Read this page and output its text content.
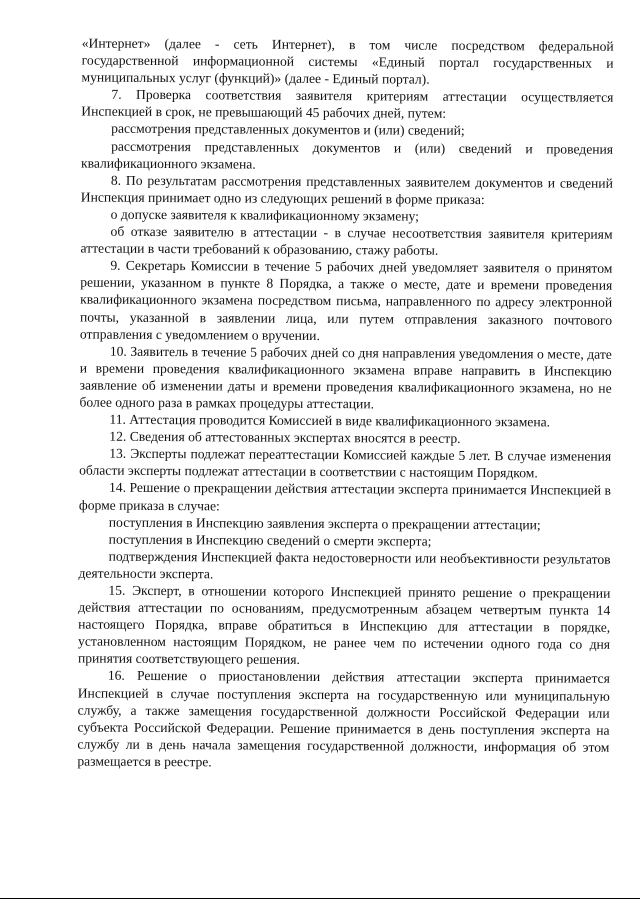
«Интернет» (далее - сеть Интернет), в том числе посредством федеральной государственной информационной системы «Единый портал государственных и муниципальных услуг (функций)» (далее - Единый портал).

7. Проверка соответствия заявителя критериям аттестации осуществляется Инспекцией в срок, не превышающий 45 рабочих дней, путем:

рассмотрения представленных документов и (или) сведений;

рассмотрения представленных документов и (или) сведений и проведения квалификационного экзамена.

8. По результатам рассмотрения представленных заявителем документов и сведений Инспекция принимает одно из следующих решений в форме приказа:

о допуске заявителя к квалификационному экзамену;

об отказе заявителю в аттестации - в случае несоответствия заявителя критериям аттестации в части требований к образованию, стажу работы.

9. Секретарь Комиссии в течение 5 рабочих дней уведомляет заявителя о принятом решении, указанном в пункте 8 Порядка, а также о месте, дате и времени проведения квалификационного экзамена посредством письма, направленного по адресу электронной почты, указанной в заявлении лица, или путем отправления заказного почтового отправления с уведомлением о вручении.

10. Заявитель в течение 5 рабочих дней со дня направления уведомления о месте, дате и времени проведения квалификационного экзамена вправе направить в Инспекцию заявление об изменении даты и времени проведения квалификационного экзамена, но не более одного раза в рамках процедуры аттестации.

11. Аттестация проводится Комиссией в виде квалификационного экзамена.

12. Сведения об аттестованных экспертах вносятся в реестр.

13. Эксперты подлежат переаттестации Комиссией каждые 5 лет. В случае изменения области эксперты подлежат аттестации в соответствии с настоящим Порядком.

14. Решение о прекращении действия аттестации эксперта принимается Инспекцией в форме приказа в случае:

поступления в Инспекцию заявления эксперта о прекращении аттестации;

поступления в Инспекцию сведений о смерти эксперта;

подтверждения Инспекцией факта недостоверности или необъективности результатов деятельности эксперта.

15. Эксперт, в отношении которого Инспекцией принято решение о прекращении действия аттестации по основаниям, предусмотренным абзацем четвертым пункта 14 настоящего Порядка, вправе обратиться в Инспекцию для аттестации в порядке, установленном настоящим Порядком, не ранее чем по истечении одного года со дня принятия соответствующего решения.

16. Решение о приостановлении действия аттестации эксперта принимается Инспекцией в случае поступления эксперта на государственную или муниципальную службу, а также замещения государственной должности Российской Федерации или субъекта Российской Федерации. Решение принимается в день поступления эксперта на службу ли в день начала замещения государственной должности, информация об этом размещается в реестре.
